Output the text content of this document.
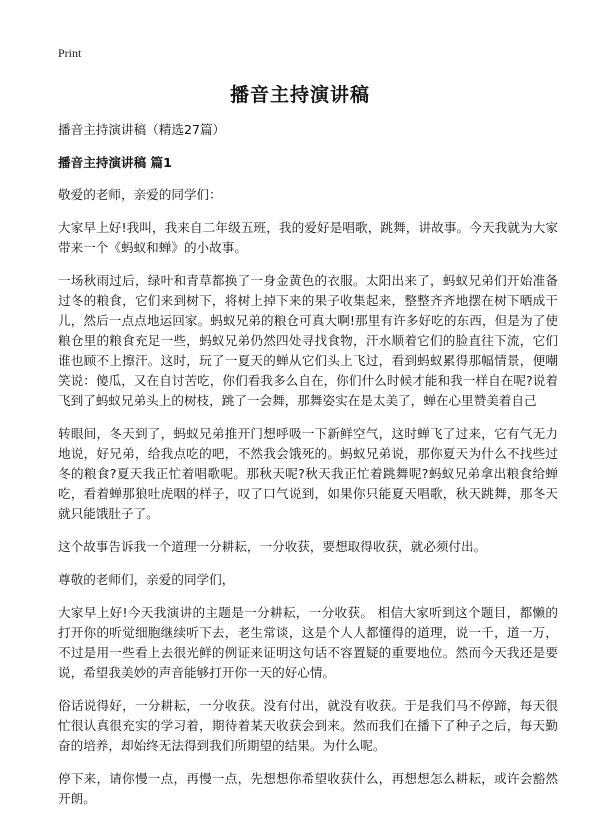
Print
播音主持演讲稿

播音主持演讲稿（精选27篇）

播音主持演讲稿 篇1

敬爱的老师，亲爱的同学们：

大家早上好!我叫，我来自二年级五班，我的爱好是唱歌，跳舞，讲故事。今天我就为大家带来一个《蚂蚁和蝉》的小故事。

一场秋雨过后，绿叶和青草都换了一身金黄色的衣服。太阳出来了，蚂蚁兄弟们开始准备过冬的粮食，它们来到树下，将树上掉下来的果子收集起来，整整齐齐地摆在树下晒成干儿，然后一点点地运回家。蚂蚁兄弟的粮仓可真大啊!那里有许多好吃的东西，但是为了使粮仓里的粮食充足一些，蚂蚁兄弟仍然四处寻找食物，汗水顺着它们的脸直往下流，它们谁也顾不上擦汗。这时，玩了一夏天的蝉从它们头上飞过，看到蚂蚁累得那幅情景，便嘲笑说：傻瓜，又在自讨苦吃，你们看我多么自在，你们什么时候才能和我一样自在呢?说着飞到了蚂蚁兄弟头上的树枝，跳了一会舞，那舞姿实在是太美了，蝉在心里赞美着自己

转眼间，冬天到了，蚂蚁兄弟推开门想呼吸一下新鲜空气，这时蝉飞了过来，它有气无力地说，好兄弟，给我点吃的吧，不然我会饿死的。蚂蚁兄弟说，那你夏天为什么不找些过冬的粮食?夏天我正忙着唱歌呢。那秋天呢?秋天我正忙着跳舞呢?蚂蚁兄弟拿出粮食给蝉吃，看着蝉那狼吐虎咽的样子，叹了口气说到，如果你只能夏天唱歌，秋天跳舞，那冬天就只能饿肚子了。

这个故事告诉我一个道理一分耕耘，一分收获，要想取得收获，就必须付出。

尊敬的老师们，亲爱的同学们，

大家早上好!今天我演讲的主题是一分耕耘，一分收获。 相信大家听到这个题目，都懒的打开你的听觉细胞继续听下去，老生常谈，这是个人人都懂得的道理，说一千，道一万，不过是用一些看上去很光鲜的例证来证明这句话不容置疑的重要地位。然而今天我还是要说，希望我美妙的声音能够打开你一天的好心情。

俗话说得好，一分耕耘，一分收获。没有付出，就没有收获。于是我们马不停蹄，每天很忙很认真很充实的学习着，期待着某天收获会到来。然而我们在播下了种子之后，每天勤奋的培养，却始终无法得到我们所期望的结果。为什么呢。

停下来，请你慢一点，再慢一点，先想想你希望收获什么，再想想怎么耕耘，或许会豁然开朗。
